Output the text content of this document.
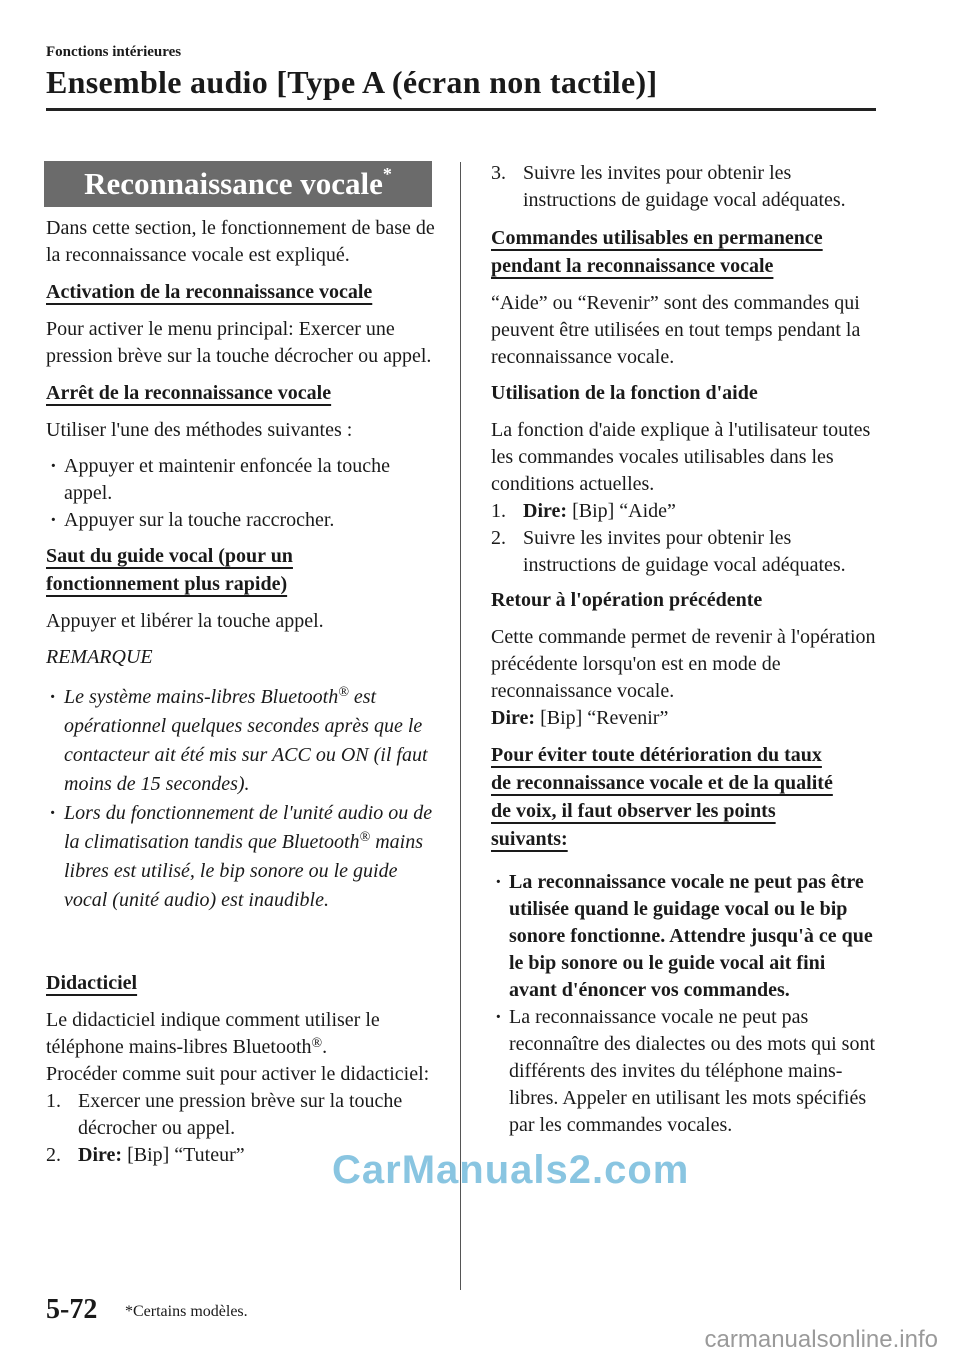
Fonctions intérieures
Ensemble audio [Type A (écran non tactile)]
Reconnaissance vocale*

Dans cette section, le fonctionnement de base de la reconnaissance vocale est expliqué.

Activation de la reconnaissance vocale

Pour activer le menu principal: Exercer une pression brève sur la touche décrocher ou appel.

Arrêt de la reconnaissance vocale

Utiliser l'une des méthodes suivantes :

· Appuyer et maintenir enfoncée la touche appel.
· Appuyer sur la touche raccrocher.
Saut du guide vocal (pour un
fonctionnement plus rapide)

Appuyer et libérer la touche appel.

REMARQUE

· Le système mains-libres Bluetooth® est opérationnel quelques secondes après que le contacteur ait été mis sur ACC ou ON (il faut moins de 15 secondes).
· Lors du fonctionnement de l'unité audio ou de la climatisation tandis que Bluetooth® mains libres est utilisé, le bip sonore ou le guide vocal (unité audio) est inaudible.
Didacticiel

Le didacticiel indique comment utiliser le téléphone mains-libres Bluetooth®.

Procéder comme suit pour activer le didacticiel:

1. Exercer une pression brève sur la touche décrocher ou appel.
2. Dire: [Bip] “Tuteur”
3. Suivre les invites pour obtenir les instructions de guidage vocal adéquates.
Commandes utilisables en permanence
pendant la reconnaissance vocale

“Aide” ou “Revenir” sont des commandes qui peuvent être utilisées en tout temps pendant la reconnaissance vocale.

Utilisation de la fonction d'aide

La fonction d'aide explique à l'utilisateur toutes les commandes vocales utilisables dans les conditions actuelles.

1. Dire: [Bip] “Aide”
2. Suivre les invites pour obtenir les instructions de guidage vocal adéquates.
Retour à l'opération précédente

Cette commande permet de revenir à l'opération précédente lorsqu'on est en mode de reconnaissance vocale.

Dire: [Bip] “Revenir”

Pour éviter toute détérioration du taux
de reconnaissance vocale et de la qualité
de voix, il faut observer les points
suivants:
· La reconnaissance vocale ne peut pas être utilisée quand le guidage vocal ou le bip sonore fonctionne. Attendre jusqu'à ce que le bip sonore ou le guide vocal ait fini avant d'énoncer vos commandes.
· La reconnaissance vocale ne peut pas reconnaître des dialectes ou des mots qui sont différents des invites du téléphone mains-libres. Appeler en utilisant les mots spécifiés par les commandes vocales.
5-72 *Certains modèles.
CarManuals2.com
carmanualsonline.info
